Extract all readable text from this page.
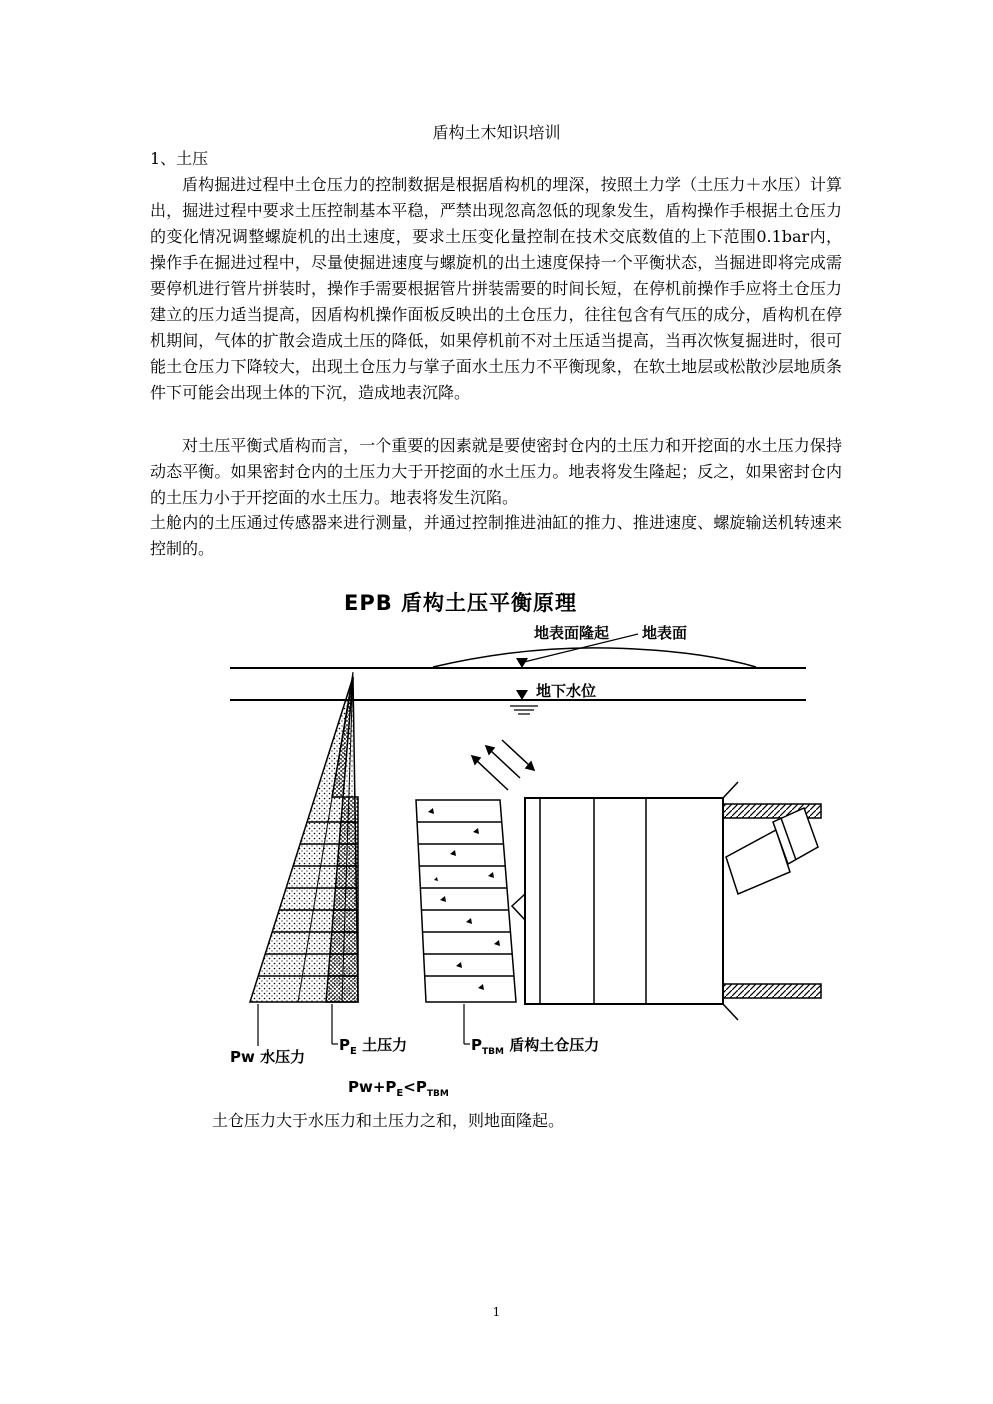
盾构土木知识培训
1、土压

盾构掘进过程中土仓压力的控制数据是根据盾构机的埋深，按照土力学（土压力＋水压）计算出，掘进过程中要求土压控制基本平稳，严禁出现忽高忽低的现象发生，盾构操作手根据土仓压力的变化情况调整螺旋机的出土速度，要求土压变化量控制在技术交底数值的上下范围0.1bar内，操作手在掘进过程中，尽量使掘进速度与螺旋机的出土速度保持一个平衡状态，当掘进即将完成需要停机进行管片拼装时，操作手需要根据管片拼装需要的时间长短，在停机前操作手应将土仓压力建立的压力适当提高，因盾构机操作面板反映出的土仓压力，往往包含有气压的成分，盾构机在停机期间，气体的扩散会造成土压的降低，如果停机前不对土压适当提高，当再次恢复掘进时，很可能土仓压力下降较大，出现土仓压力与掌子面水土压力不平衡现象，在软土地层或松散沙层地质条件下可能会出现土体的下沉，造成地表沉降。

对土压平衡式盾构而言，一个重要的因素就是要使密封仓内的土压力和开挖面的水土压力保持动态平衡。如果密封仓内的土压力大于开挖面的水土压力。地表将发生隆起；反之，如果密封仓内的土压力小于开挖面的水土压力。地表将发生沉陷。

土舱内的土压通过传感器来进行测量，并通过控制推进油缸的推力、推进速度、螺旋输送机转速来控制的。

EPB 盾构土压平衡原理
地表面隆起 地表面
地下水位
Pw 水压力
$P_E$ 土压力	$P_{TBM}$ 盾构土仓压力
$Pw+P_E<P_{TBM}$
土仓压力大于水压力和土压力之和，则地面隆起。
1
